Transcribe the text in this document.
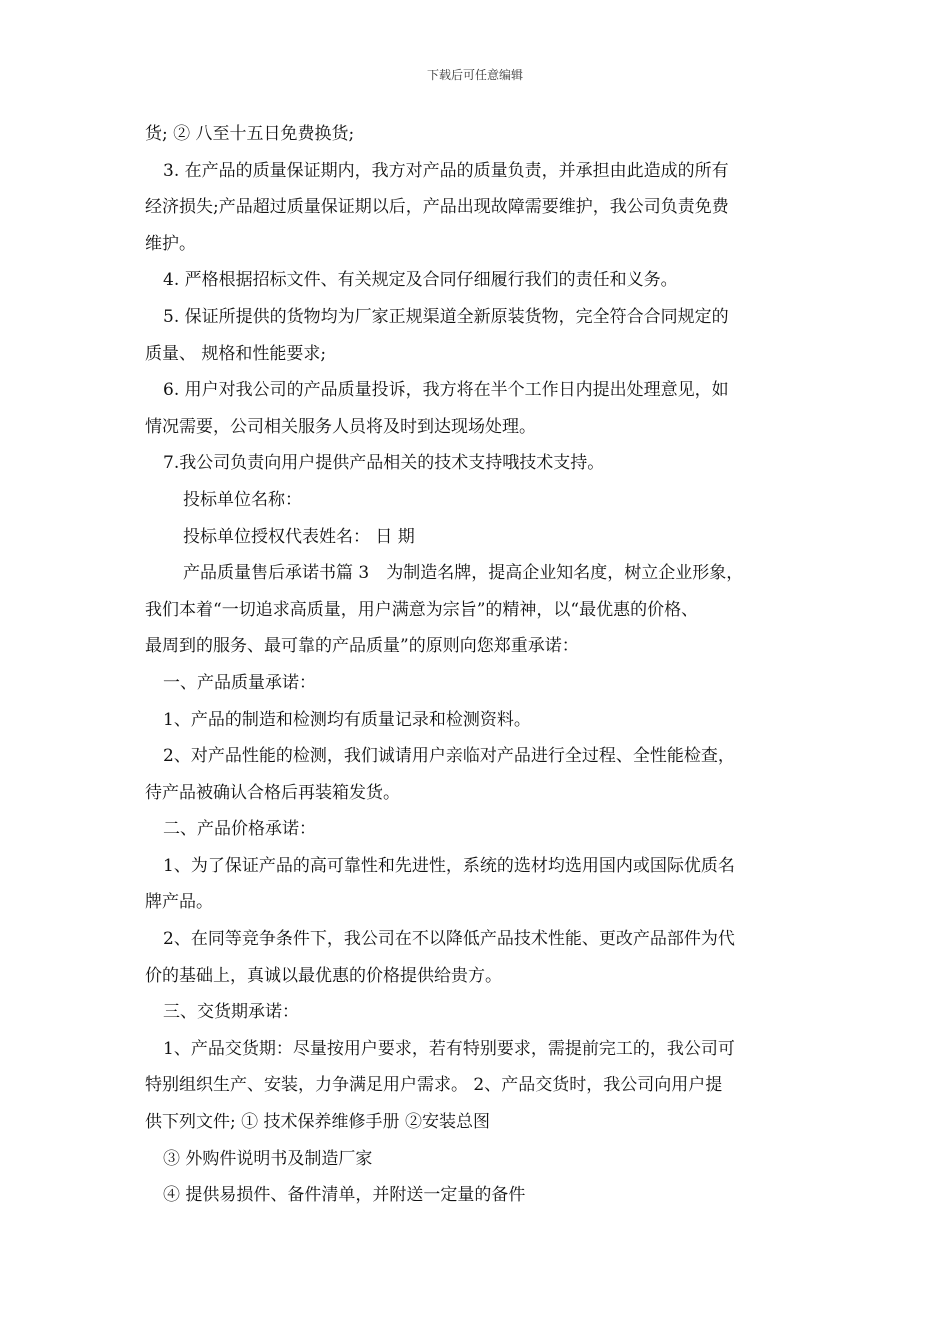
下载后可任意编辑
货; ② 八至十五日免费换货;
3. 在产品的质量保证期内，我方对产品的质量负责，并承担由此造成的所有
经济损失;产品超过质量保证期以后，产品出现故障需要维护，我公司负责免费
维护。
4. 严格根据招标文件、有关规定及合同仔细履行我们的责任和义务。
5. 保证所提供的货物均为厂家正规渠道全新原装货物，完全符合合同规定的
质量、 规格和性能要求;
6. 用户对我公司的产品质量投诉，我方将在半个工作日内提出处理意见，如
情况需要，公司相关服务人员将及时到达现场处理。
7.我公司负责向用户提供产品相关的技术支持哦技术支持。
投标单位名称：
投标单位授权代表姓名： 日 期
产品质量售后承诺书篇 3　为制造名牌，提高企业知名度，树立企业形象，
我们本着“一切追求高质量，用户满意为宗旨”的精神，以“最优惠的价格、
最周到的服务、最可靠的产品质量”的原则向您郑重承诺：
一、产品质量承诺：
1、产品的制造和检测均有质量记录和检测资料。
2、对产品性能的检测，我们诚请用户亲临对产品进行全过程、全性能检查，
待产品被确认合格后再装箱发货。
二、产品价格承诺：
1、为了保证产品的高可靠性和先进性，系统的选材均选用国内或国际优质名
牌产品。
2、在同等竞争条件下，我公司在不以降低产品技术性能、更改产品部件为代
价的基础上，真诚以最优惠的价格提供给贵方。
三、交货期承诺：
1、产品交货期：尽量按用户要求，若有特别要求，需提前完工的，我公司可
特别组织生产、安装，力争满足用户需求。 2、产品交货时，我公司向用户提
供下列文件; ① 技术保养维修手册 ②安装总图
③ 外购件说明书及制造厂家
④ 提供易损件、备件清单，并附送一定量的备件
